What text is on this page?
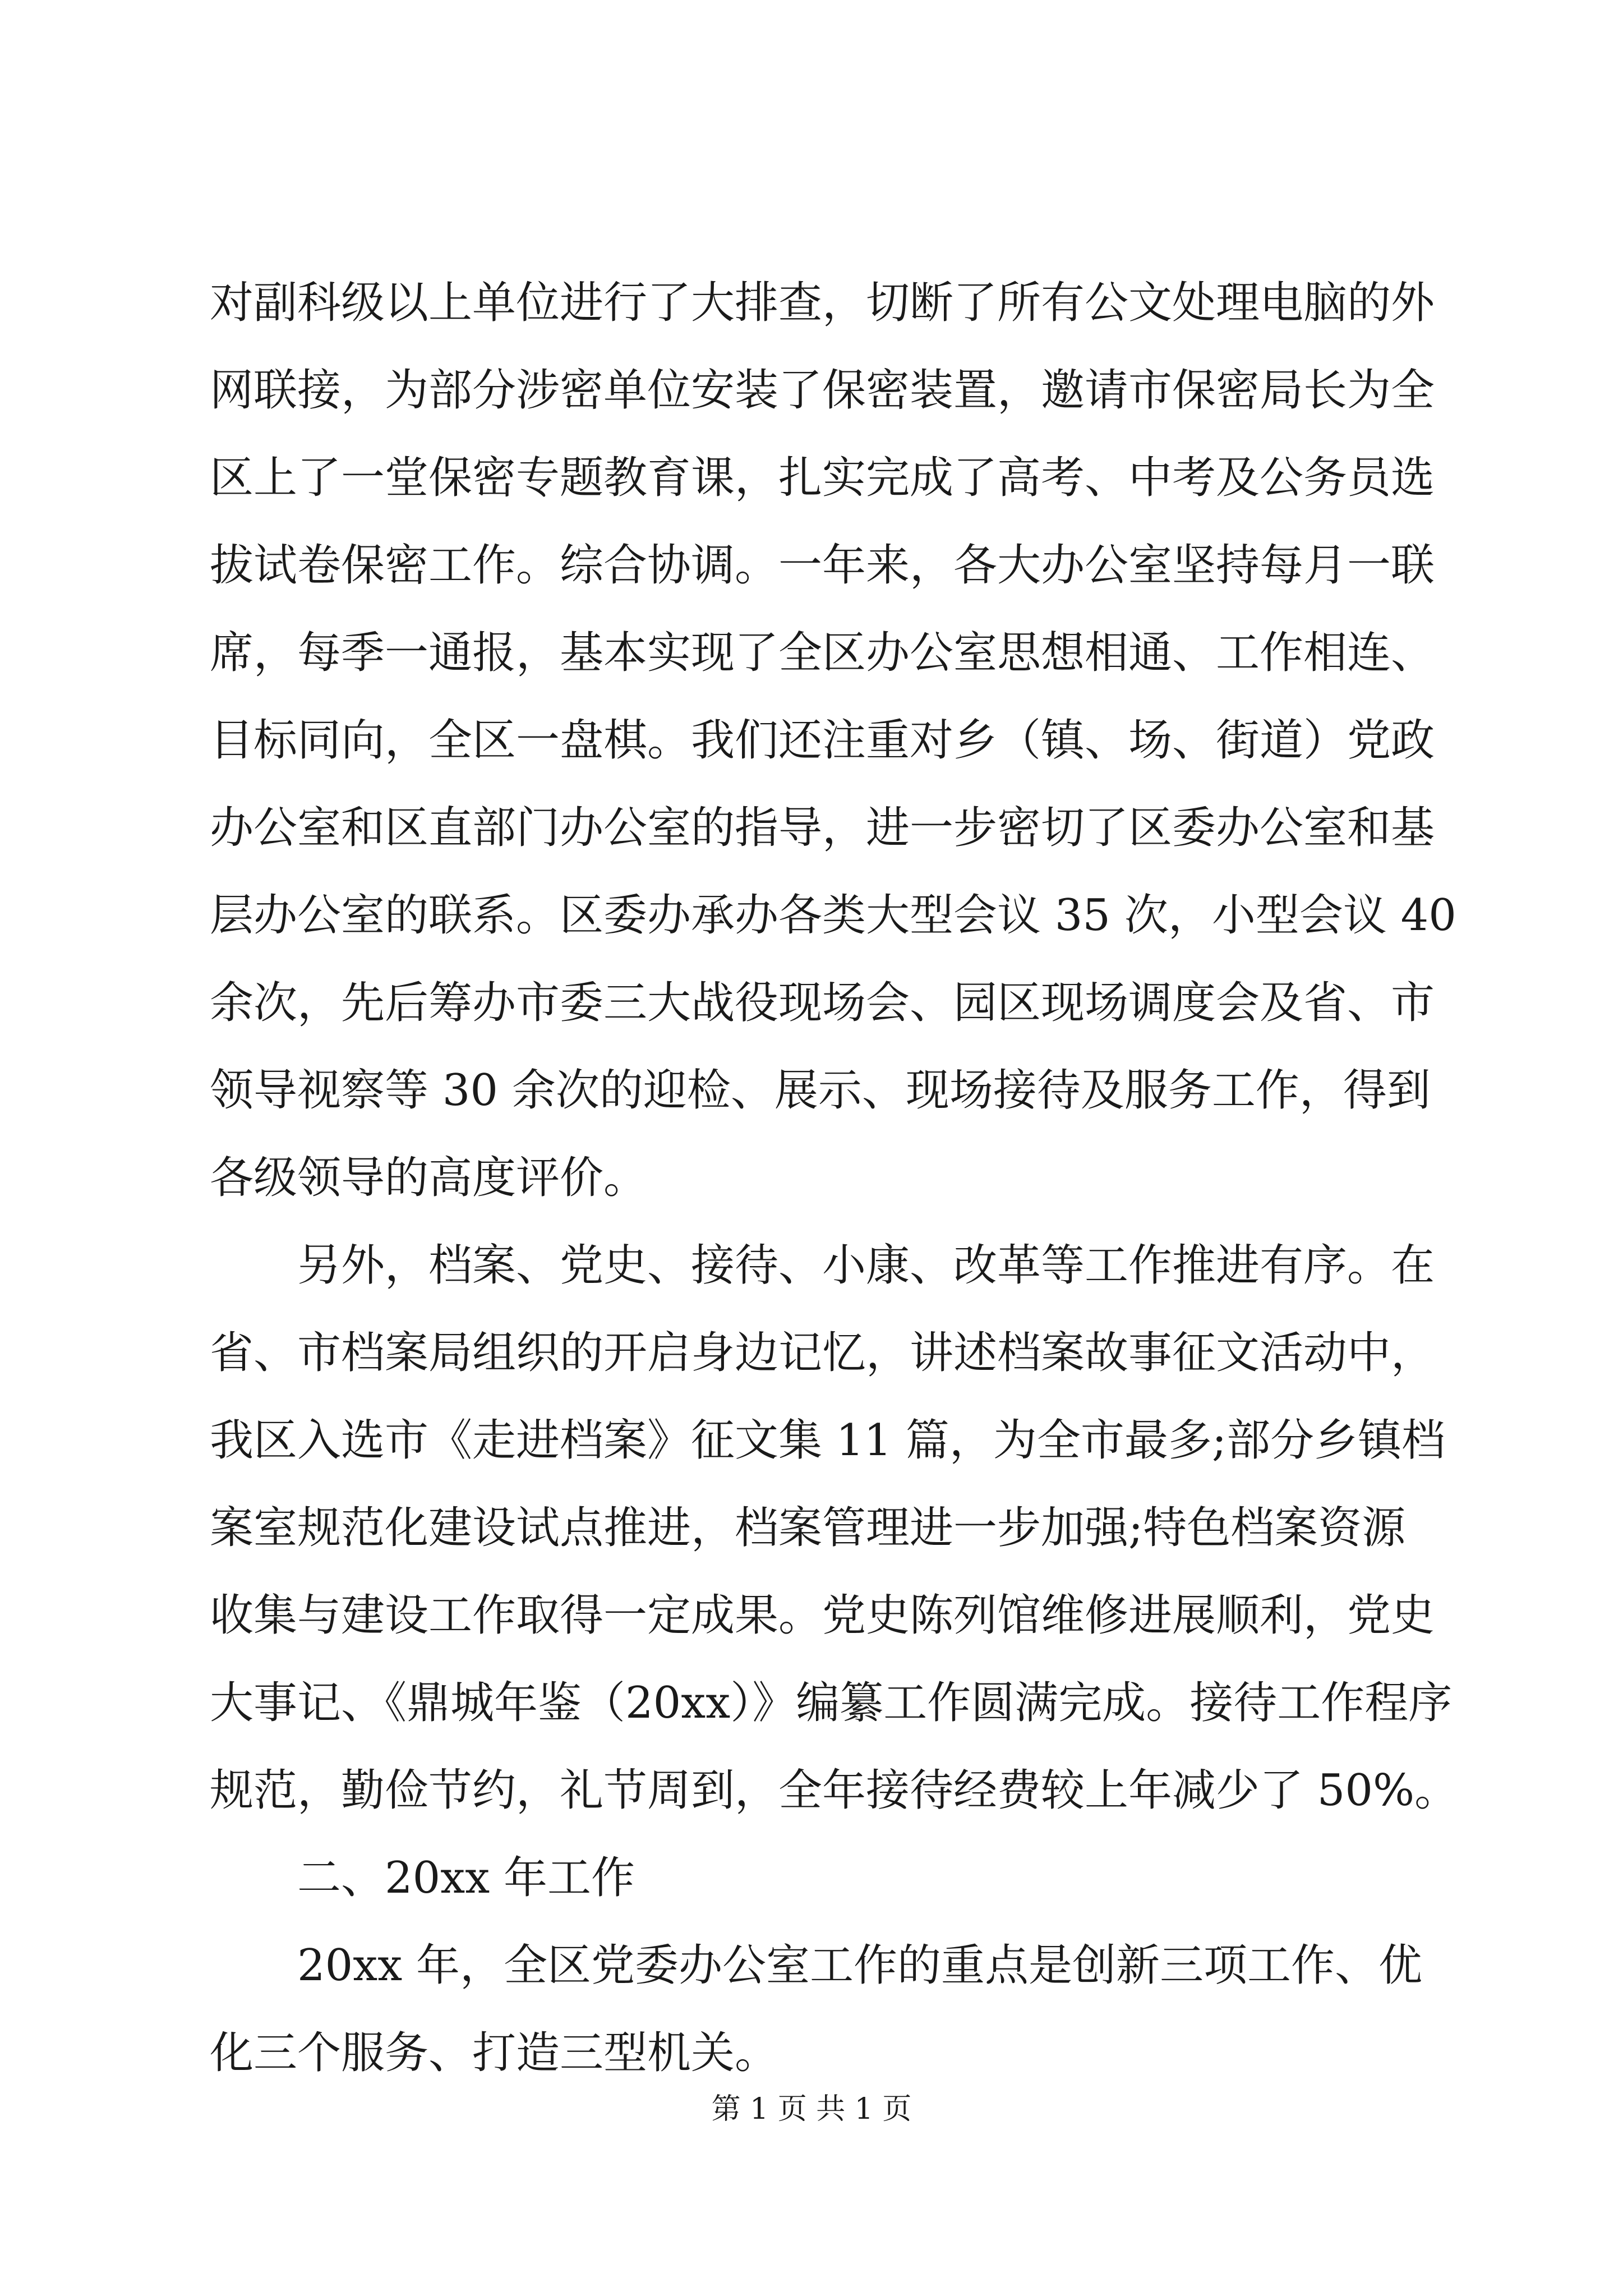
对副科级以上单位进行了大排查，切断了所有公文处理电脑的外
网联接，为部分涉密单位安装了保密装置，邀请市保密局长为全
区上了一堂保密专题教育课，扎实完成了高考、中考及公务员选
拔试卷保密工作。综合协调。一年来，各大办公室坚持每月一联
席，每季一通报，基本实现了全区办公室思想相通、工作相连、
目标同向，全区一盘棋。我们还注重对乡（镇、场、街道）党政
办公室和区直部门办公室的指导，进一步密切了区委办公室和基
层办公室的联系。区委办承办各类大型会议 35 次，小型会议 40
余次，先后筹办市委三大战役现场会、园区现场调度会及省、市
领导视察等 30 余次的迎检、展示、现场接待及服务工作，得到
各级领导的高度评价。
另外，档案、党史、接待、小康、改革等工作推进有序。在
省、市档案局组织的开启身边记忆，讲述档案故事征文活动中，
我区入选市《走进档案》征文集 11 篇，为全市最多;部分乡镇档
案室规范化建设试点推进，档案管理进一步加强;特色档案资源
收集与建设工作取得一定成果。党史陈列馆维修进展顺利，党史
大事记、《鼎城年鉴（20xx）》编纂工作圆满完成。接待工作程序
规范，勤俭节约，礼节周到，全年接待经费较上年减少了 50%。
二、20xx 年工作
20xx 年，全区党委办公室工作的重点是创新三项工作、优
化三个服务、打造三型机关。
第 1 页 共 1 页
